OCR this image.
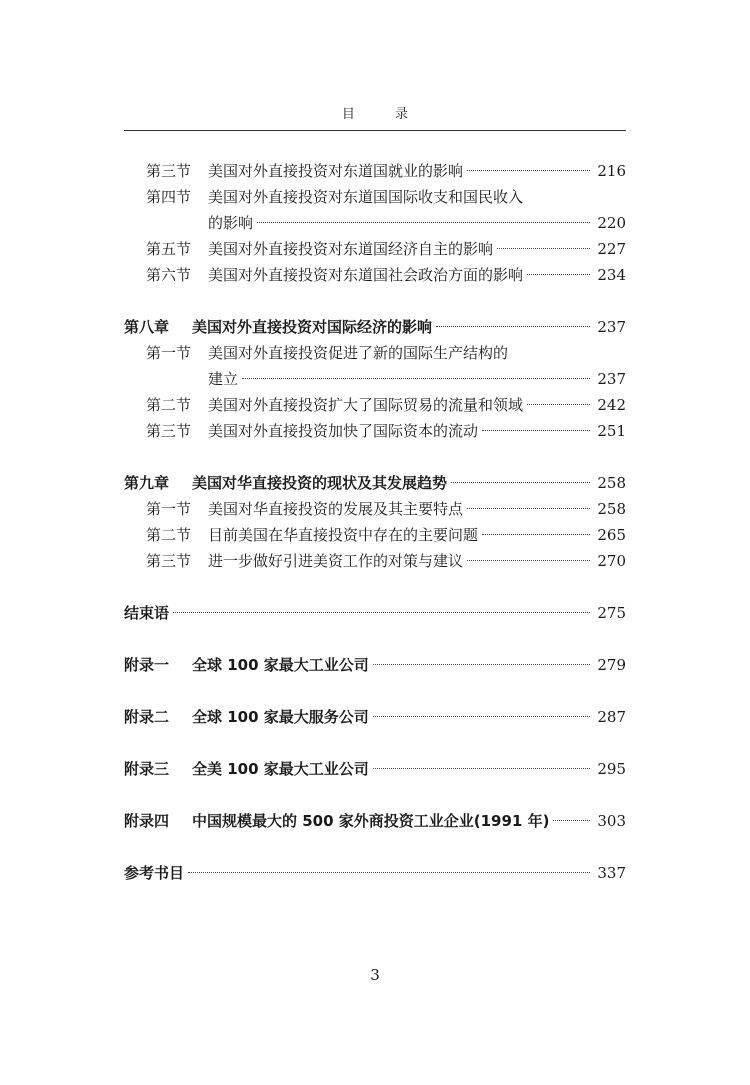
目 录
第三节	美国对外直接投资对东道国就业的影响	216
第四节	美国对外直接投资对东道国国际收支和国民收入
的影响	220
第五节	美国对外直接投资对东道国经济自主的影响	227
第六节	美国对外直接投资对东道国社会政治方面的影响	234
第八章	美国对外直接投资对国际经济的影响	237
第一节	美国对外直接投资促进了新的国际生产结构的
建立	237
第二节	美国对外直接投资扩大了国际贸易的流量和领域	242
第三节	美国对外直接投资加快了国际资本的流动	251
第九章	美国对华直接投资的现状及其发展趋势	258
第一节	美国对华直接投资的发展及其主要特点	258
第二节	目前美国在华直接投资中存在的主要问题	265
第三节	进一步做好引进美资工作的对策与建议	270
结束语	275
附录一	全球 100 家最大工业公司	279
附录二	全球 100 家最大服务公司	287
附录三	全美 100 家最大工业公司	295
附录四	中国规模最大的 500 家外商投资工业企业(1991 年)	303
参考书目	337
3
